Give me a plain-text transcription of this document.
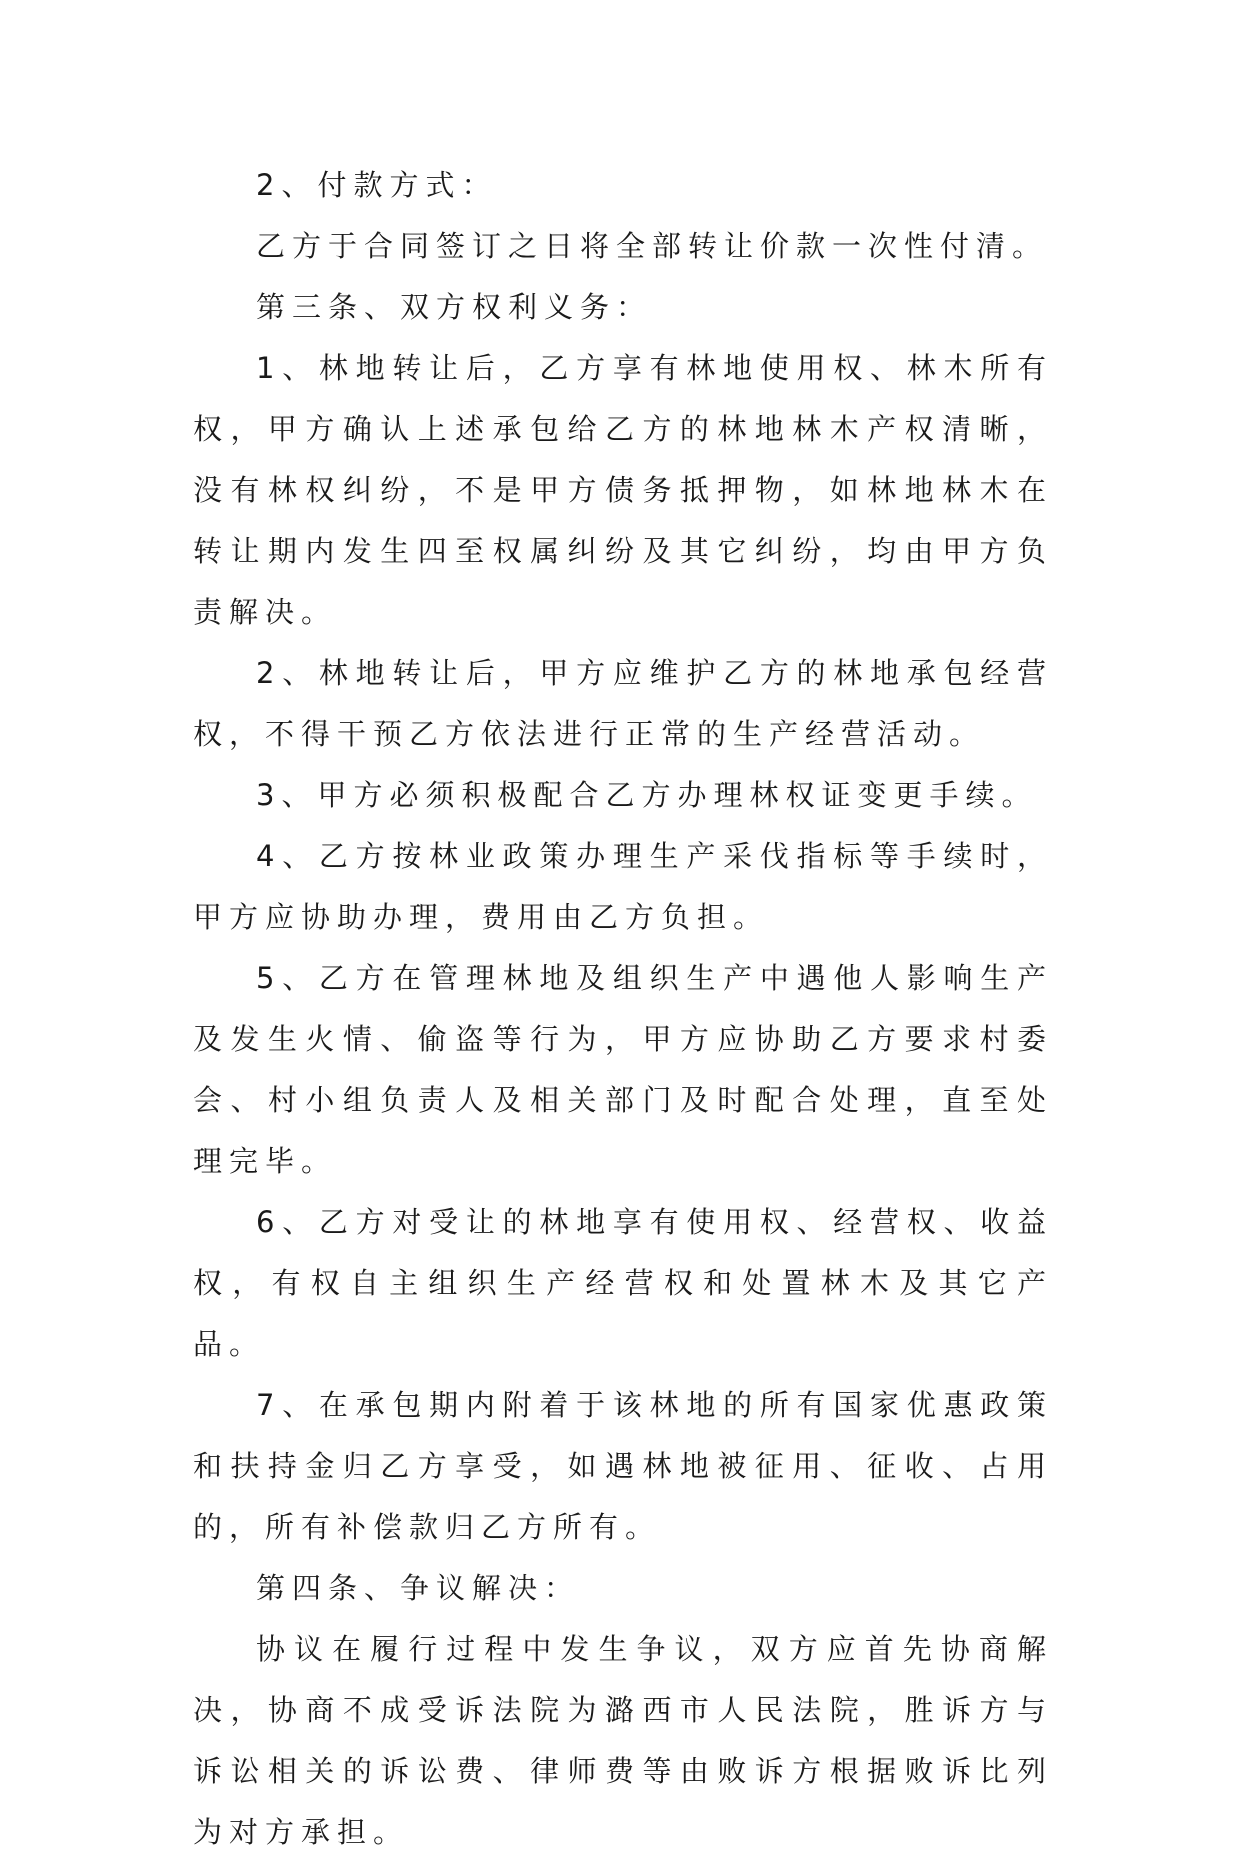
2、付款方式：

乙方于合同签订之日将全部转让价款一次性付清。

第三条、双方权利义务：

1、林地转让后，乙方享有林地使用权、林木所有权，甲方确认上述承包给乙方的林地林木产权清晰，没有林权纠纷，不是甲方债务抵押物，如林地林木在转让期内发生四至权属纠纷及其它纠纷，均由甲方负责解决。

2、林地转让后，甲方应维护乙方的林地承包经营权，不得干预乙方依法进行正常的生产经营活动。

3、甲方必须积极配合乙方办理林权证变更手续。

4、乙方按林业政策办理生产采伐指标等手续时，甲方应协助办理，费用由乙方负担。

5、乙方在管理林地及组织生产中遇他人影响生产及发生火情、偷盗等行为，甲方应协助乙方要求村委会、村小组负责人及相关部门及时配合处理，直至处理完毕。

6、乙方对受让的林地享有使用权、经营权、收益权，有权自主组织生产经营权和处置林木及其它产品。

7、在承包期内附着于该林地的所有国家优惠政策和扶持金归乙方享受，如遇林地被征用、征收、占用的，所有补偿款归乙方所有。

第四条、争议解决：

协议在履行过程中发生争议，双方应首先协商解决，协商不成受诉法院为潞西市人民法院，胜诉方与诉讼相关的诉讼费、律师费等由败诉方根据败诉比列为对方承担。
